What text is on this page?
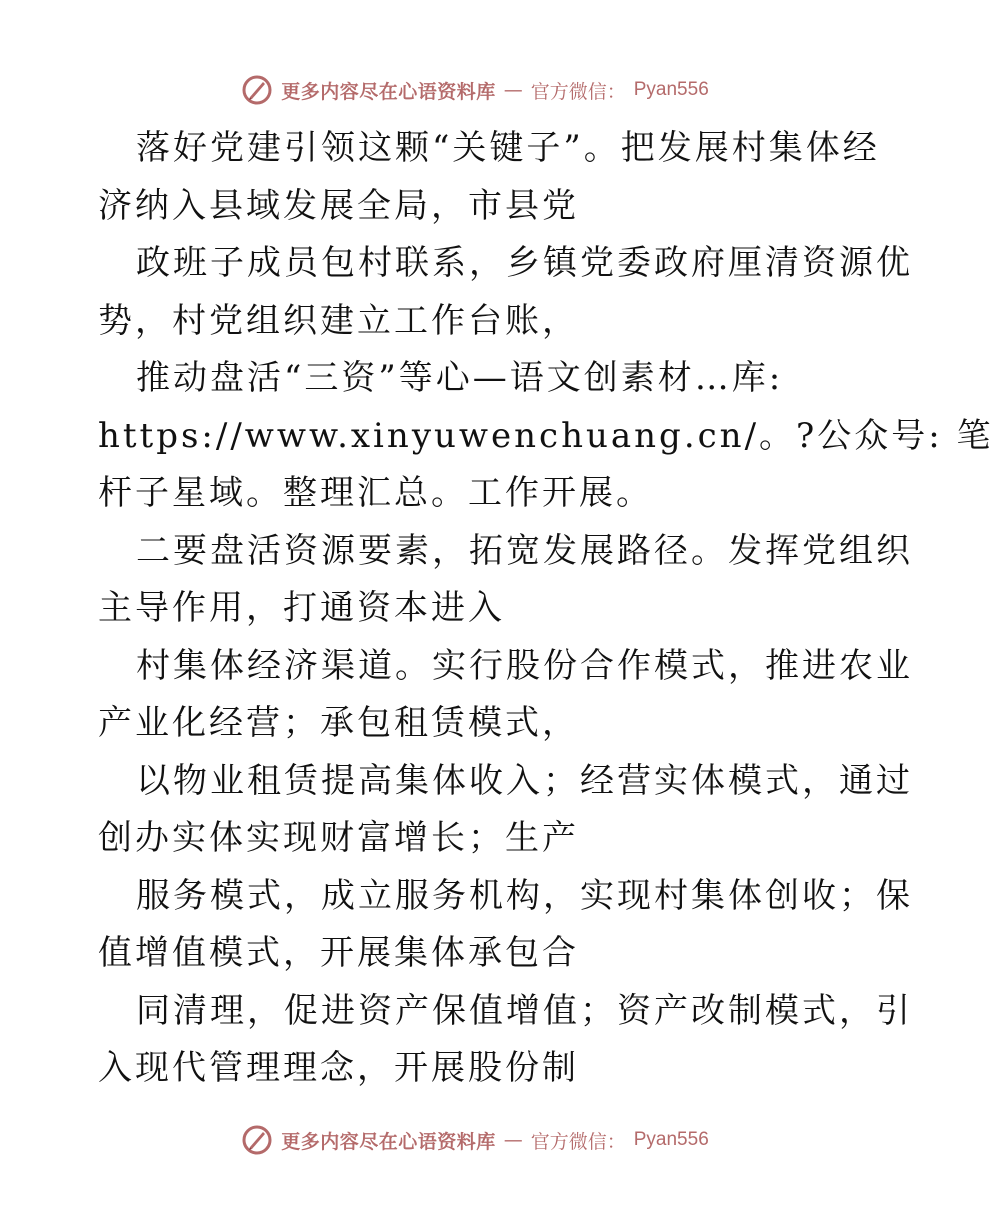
更多内容尽在心语资料库 — 官方微信： Pyan556
落好党建引领这颗“关键子”。把发展村集体经
济纳入县域发展全局，市县党
政班子成员包村联系，乡镇党委政府厘清资源优
势，村党组织建立工作台账，
推动盘活“三资”等心—语文创素材…库:
https://www.xinyuwenchuang.cn/。?公众号: 笔
杆子星域。整理汇总。工作开展。
二要盘活资源要素，拓宽发展路径。发挥党组织
主导作用，打通资本进入
村集体经济渠道。实行股份合作模式，推进农业
产业化经营；承包租赁模式，
以物业租赁提高集体收入；经营实体模式，通过
创办实体实现财富增长；生产
服务模式，成立服务机构，实现村集体创收；保
值增值模式，开展集体承包合
同清理，促进资产保值增值；资产改制模式，引
入现代管理理念，开展股份制
更多内容尽在心语资料库 — 官方微信： Pyan556
